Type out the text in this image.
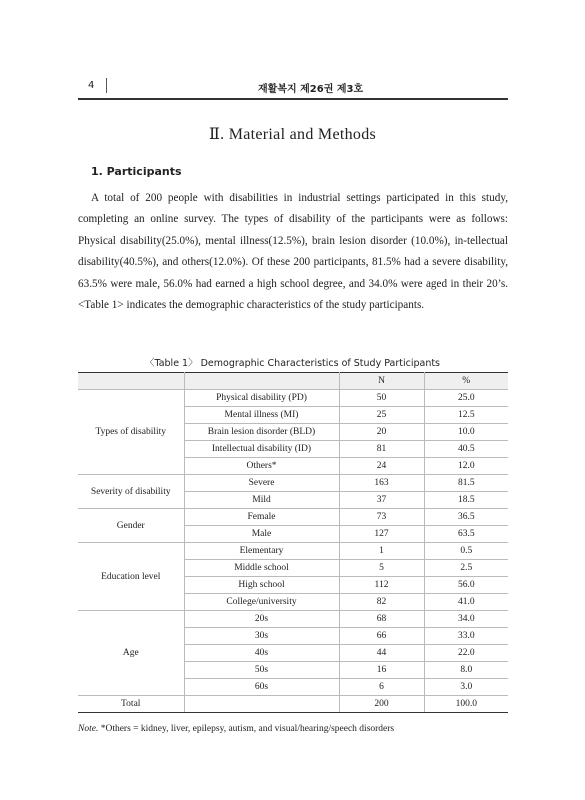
4	재활복지 제26권 제3호
Ⅱ. Material and Methods
1. Participants
A total of 200 people with disabilities in industrial settings participated in this study, completing an online survey. The types of disability of the participants were as follows: Physical disability(25.0%), mental illness(12.5%), brain lesion disorder (10.0%), in-tellectual disability(40.5%), and others(12.0%). Of these 200 participants, 81.5% had a severe disability, 63.5% were male, 56.0% had earned a high school degree, and 34.0% were aged in their 20’s. <Table 1> indicates the demographic characteristics of the study participants.
〈Table 1〉 Demographic Characteristics of Study Participants
		N	%
Types of disability	Physical disability (PD)	50	25.0
	Mental illness (MI)	25	12.5
	Brain lesion disorder (BLD)	20	10.0
	Intellectual disability (ID)	81	40.5
	Others*	24	12.0
Severity of disability	Severe	163	81.5
	Mild	37	18.5
Gender	Female	73	36.5
	Male	127	63.5
Education level	Elementary	1	0.5
	Middle school	5	2.5
	High school	112	56.0
	College/university	82	41.0
Age	20s	68	34.0
	30s	66	33.0
	40s	44	22.0
	50s	16	8.0
	60s	6	3.0
Total		200	100.0
Note. *Others = kidney, liver, epilepsy, autism, and visual/hearing/speech disorders
